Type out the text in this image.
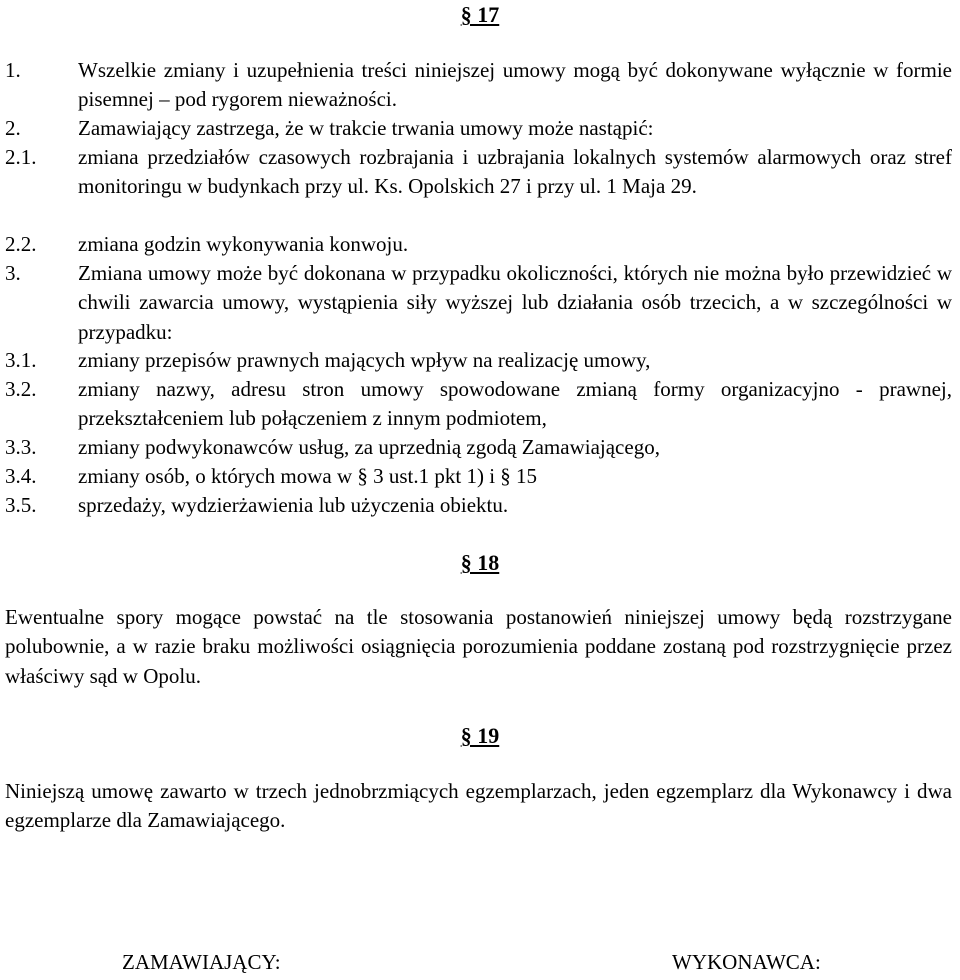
§ 17
1.	Wszelkie zmiany i uzupełnienia treści niniejszej umowy mogą być dokonywane wyłącznie w formie pisemnej – pod rygorem nieważności.
2.	Zamawiający zastrzega, że w trakcie trwania umowy może nastąpić:
2.1.	zmiana przedziałów czasowych rozbrajania i uzbrajania lokalnych systemów alarmowych oraz stref monitoringu w budynkach przy ul. Ks. Opolskich 27 i przy ul. 1 Maja 29.
2.2.	zmiana godzin wykonywania konwoju.
3.	Zmiana umowy może być dokonana w przypadku okoliczności, których nie można było przewidzieć w chwili zawarcia umowy, wystąpienia siły wyższej lub działania osób trzecich, a w szczególności w przypadku:
3.1.	zmiany przepisów prawnych mających wpływ na realizację umowy,
3.2.	zmiany nazwy, adresu stron umowy spowodowane zmianą formy organizacyjno - prawnej, przekształceniem lub połączeniem z innym podmiotem,
3.3.	zmiany podwykonawców usług, za uprzednią zgodą Zamawiającego,
3.4.	zmiany osób, o których mowa w § 3 ust.1 pkt 1) i § 15
3.5.	sprzedaży, wydzierżawienia lub użyczenia obiektu.
§ 18
Ewentualne spory mogące powstać na tle stosowania postanowień niniejszej umowy będą rozstrzygane polubownie, a w razie braku możliwości osiągnięcia porozumienia poddane zostaną pod rozstrzygnięcie przez właściwy sąd w Opolu.
§ 19
Niniejszą umowę zawarto w trzech jednobrzmiących egzemplarzach, jeden egzemplarz dla Wykonawcy i dwa egzemplarze dla Zamawiającego.
ZAMAWIAJĄCY:	WYKONAWCA:
